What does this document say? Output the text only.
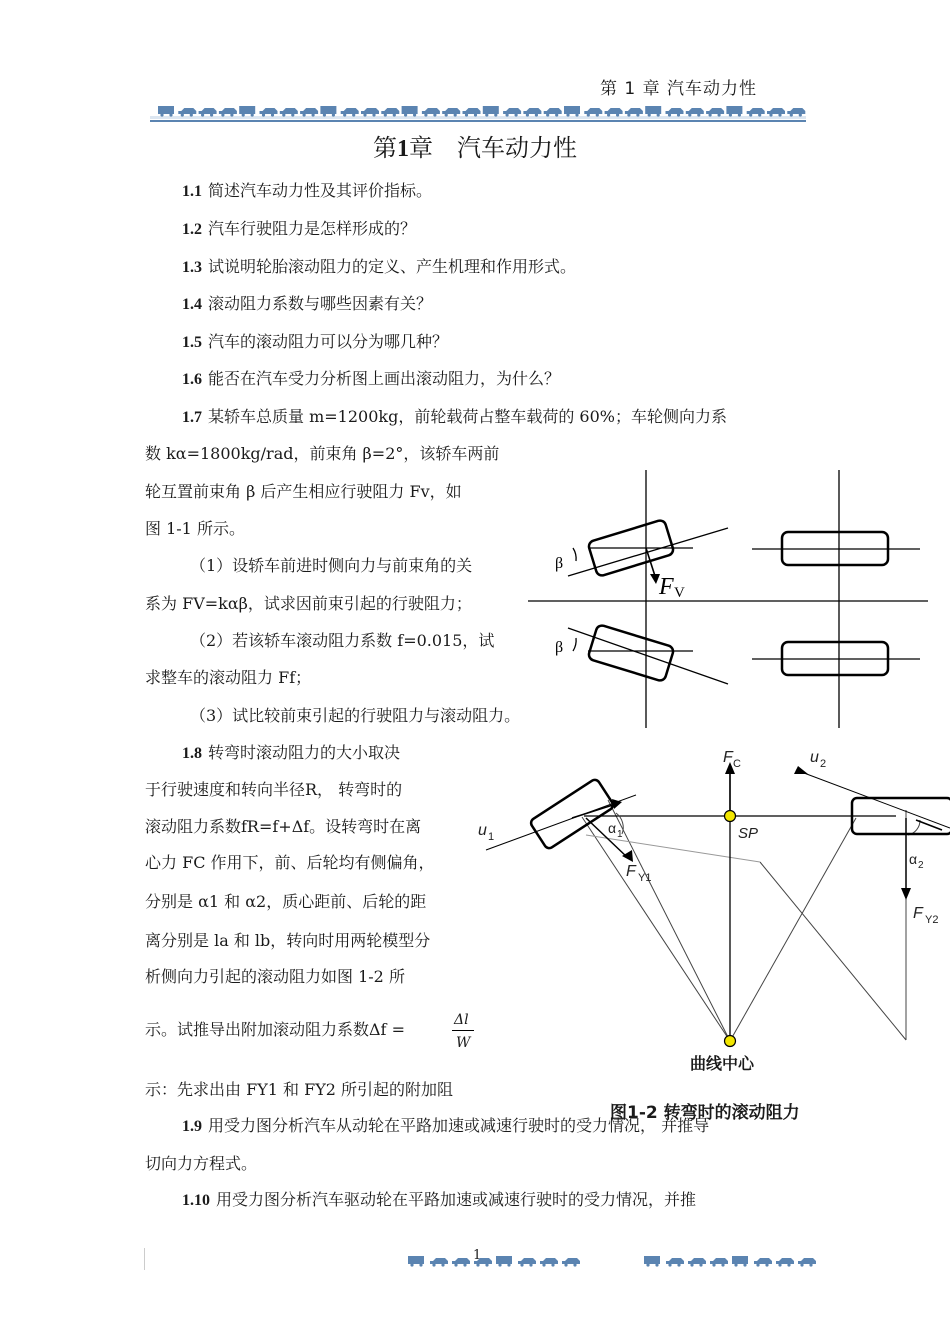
第 1 章 汽车动力性
第1章　汽车动力性
1.1 简述汽车动力性及其评价指标。
1.2 汽车行驶阻力是怎样形成的？
1.3 试说明轮胎滚动阻力的定义、产生机理和作用形式。
1.4 滚动阻力系数与哪些因素有关？
1.5 汽车的滚动阻力可以分为哪几种？
1.6 能否在汽车受力分析图上画出滚动阻力，为什么？
1.7 某轿车总质量 m=1200kg，前轮载荷占整车载荷的 60%；车轮侧向力系
数 kα=1800kg/rad，前束角 β=2°，该轿车两前
轮互置前束角 β 后产生相应行驶阻力 Fv，如
图 1-1 所示。
（1）设轿车前进时侧向力与前束角的关
系为 FV=kαβ，试求因前束引起的行驶阻力；
（2）若该轿车滚动阻力系数 f=0.015，试
求整车的滚动阻力 Ff；
（3）试比较前束引起的行驶阻力与滚动阻力。
β
β
F V
1.8 转弯时滚动阻力的大小取决
于行驶速度和转向半径R， 转弯时的
滚动阻力系数fR=f+Δf。设转弯时在离
心力 FC 作用下，前、后轮均有侧偏角，
分别是 α1 和 α2，质心距前、后轮的距
离分别是 la 和 lb，转向时用两轮模型分
析侧向力引起的滚动阻力如图 1-2 所
示。试推导出附加滚动阻力系数Δf =	Δl
W
示：先求出由 FY1 和 FY2 所引起的附加阻
F C	u 2
u 1	SP
α 1
α 2
F Y1
F Y2
曲线中心
图1-2 转弯时的滚动阻力
1.9 用受力图分析汽车从动轮在平路加速或减速行驶时的受力情况， 并推导
切向力方程式。
1.10 用受力图分析汽车驱动轮在平路加速或减速行驶时的受力情况，并推
1
